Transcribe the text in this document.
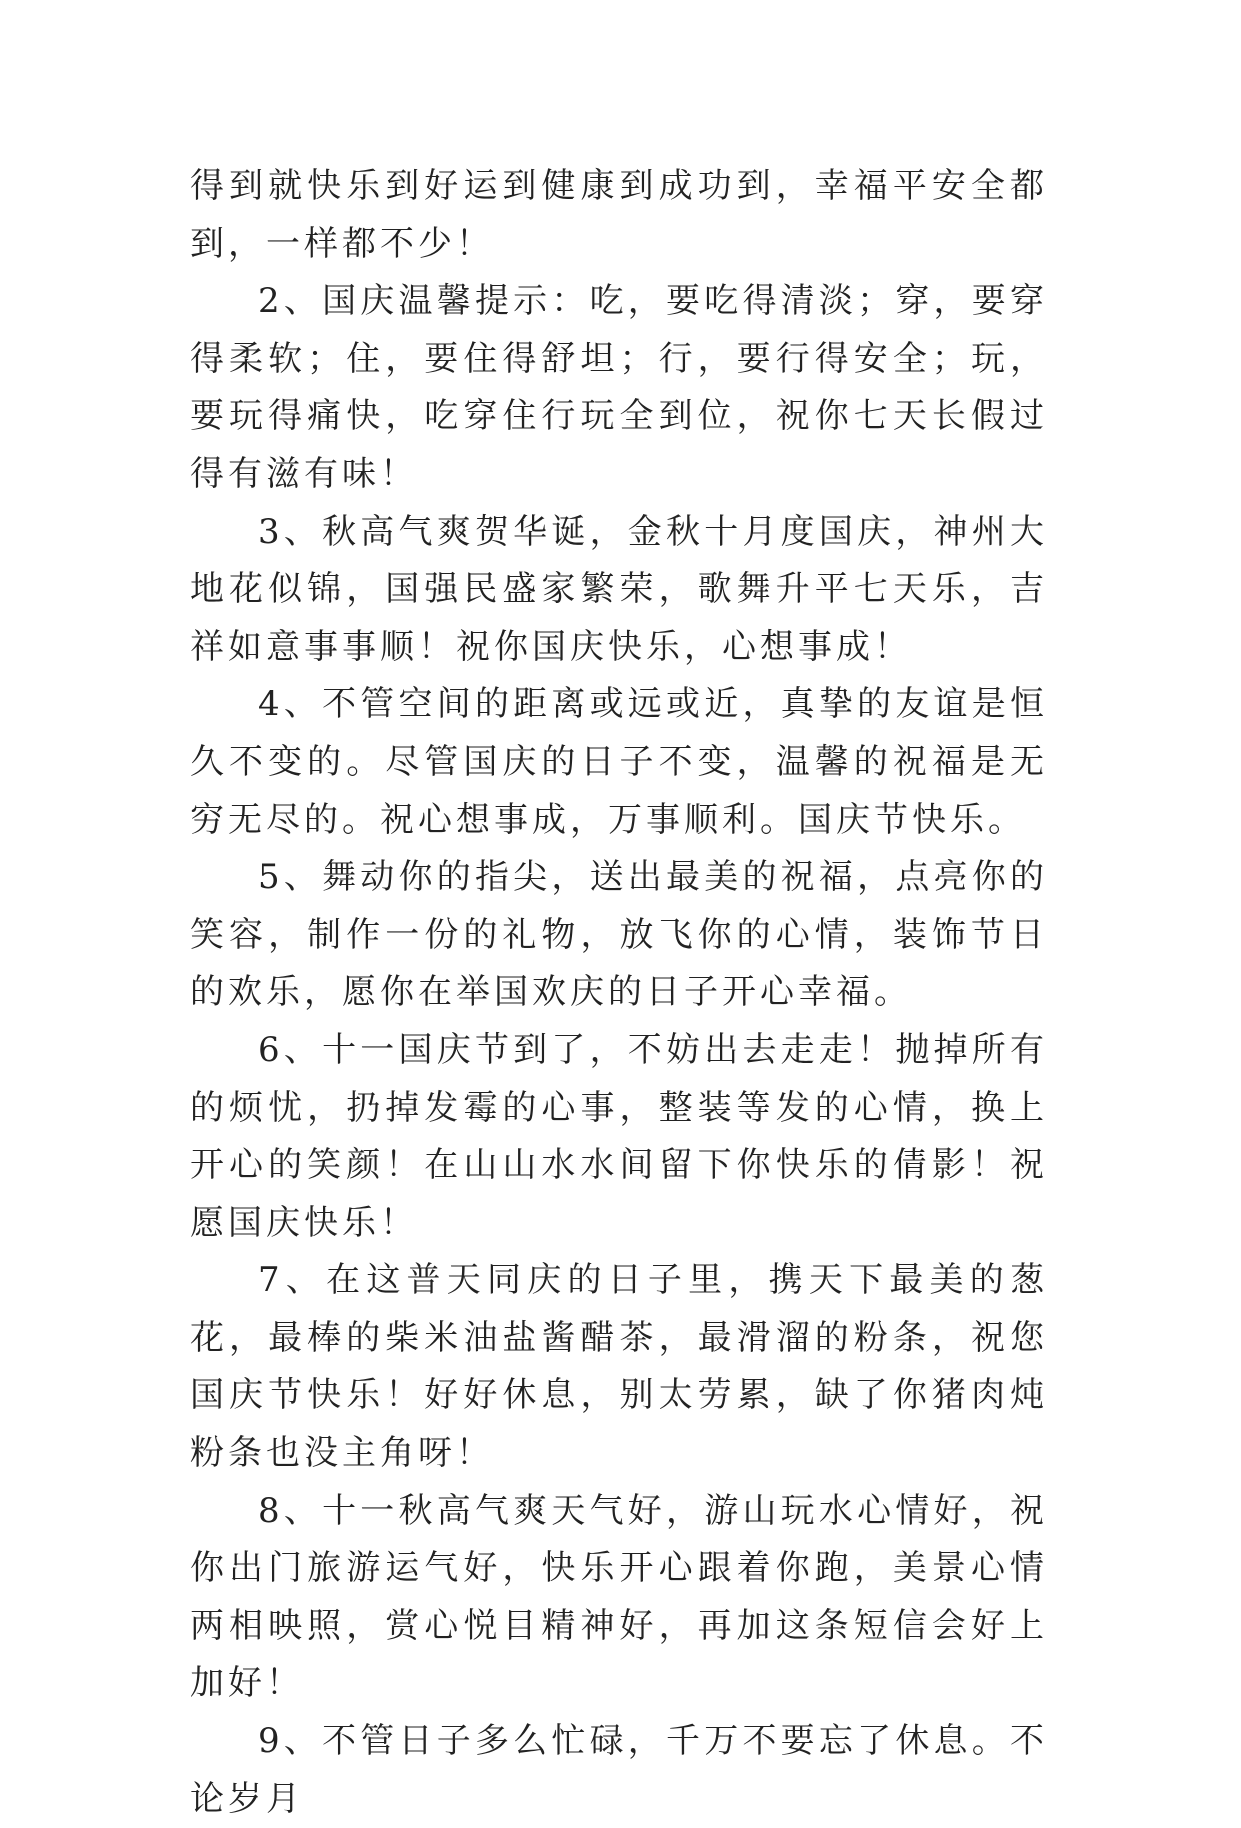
得到就快乐到好运到健康到成功到，幸福平安全都到，一样都不少！

2、国庆温馨提示：吃，要吃得清淡；穿，要穿得柔软；住，要住得舒坦；行，要行得安全；玩，要玩得痛快，吃穿住行玩全到位，祝你七天长假过得有滋有味！

3、秋高气爽贺华诞，金秋十月度国庆，神州大地花似锦，国强民盛家繁荣，歌舞升平七天乐，吉祥如意事事顺！祝你国庆快乐，心想事成！

4、不管空间的距离或远或近，真挚的友谊是恒久不变的。尽管国庆的日子不变，温馨的祝福是无穷无尽的。祝心想事成，万事顺利。国庆节快乐。

5、舞动你的指尖，送出最美的祝福，点亮你的笑容，制作一份的礼物，放飞你的心情，装饰节日的欢乐，愿你在举国欢庆的日子开心幸福。

6、十一国庆节到了，不妨出去走走！抛掉所有的烦忧，扔掉发霉的心事，整装等发的心情，换上开心的笑颜！在山山水水间留下你快乐的倩影！祝愿国庆快乐！

7、在这普天同庆的日子里，携天下最美的葱花，最棒的柴米油盐酱醋茶，最滑溜的粉条，祝您国庆节快乐！好好休息，别太劳累，缺了你猪肉炖粉条也没主角呀！

8、十一秋高气爽天气好，游山玩水心情好，祝你出门旅游运气好，快乐开心跟着你跑，美景心情两相映照，赏心悦目精神好，再加这条短信会好上加好！

9、不管日子多么忙碌，千万不要忘了休息。不论岁月
